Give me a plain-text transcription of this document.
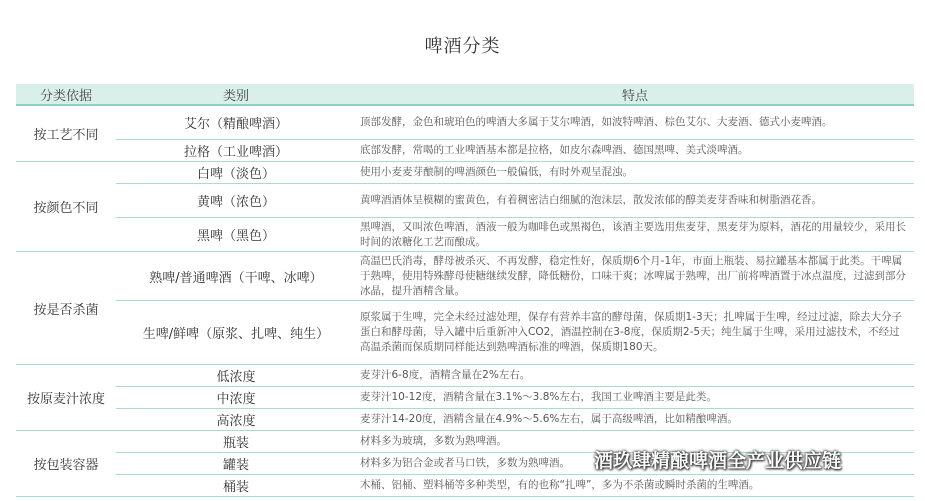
啤酒分类
分类依据	类别	特点
按工艺不同	艾尔（精酿啤酒）	顶部发酵，金色和琥珀色的啤酒大多属于艾尔啤酒，如波特啤酒、棕色艾尔、大麦酒、德式小麦啤酒。
	拉格（工业啤酒）	底部发酵，常喝的工业啤酒基本都是拉格，如皮尔森啤酒、德国黑啤、美式淡啤酒。
按颜色不同	白啤（淡色）	使用小麦麦芽酿制的啤酒颜色一般偏低，有时外观呈混浊。
	黄啤（浓色）	黄啤酒酒体呈模糊的蜜黄色，有着稠密洁白细腻的泡沫层，散发浓郁的醇美麦芽香味和树脂酒花香。
	黑啤（黑色）	黑啤酒，又叫浓色啤酒，酒液一般为咖啡色或黑褐色，该酒主要选用焦麦芽，黑麦芽为原料，酒花的用量较少，采用长时间的浓糖化工艺而酿成。
按是否杀菌	熟啤/普通啤酒（干啤、冰啤）	高温巴氏消毒，酵母被杀灭、不再发酵，稳定性好，保质期6个月-1年，市面上瓶装、易拉罐基本都属于此类。干啤属于熟啤，使用特殊酵母使糖继续发酵，降低糖份，口味干爽；冰啤属于熟啤，出厂前将啤酒置于冰点温度，过滤到部分冰晶，提升酒精含量。
	生啤/鲜啤（原浆、扎啤、纯生）	原浆属于生啤，完全未经过滤处理，保存有营养丰富的酵母菌，保质期1-3天；扎啤属于生啤，经过过滤，除去大分子蛋白和酵母菌，导入罐中后重新冲入CO2，酒温控制在3-8度，保质期2-5天；纯生属于生啤，采用过滤技术，不经过高温杀菌而保质期同样能达到熟啤酒标准的啤酒，保质期180天。
按原麦汁浓度	低浓度	麦芽汁6-8度，酒精含量在2%左右。
	中浓度	麦芽汁10-12度，酒精含量在3.1%～3.8%左右，我国工业啤酒主要是此类。
	高浓度	麦芽汁14-20度，酒精含量在4.9%～5.6%左右，属于高级啤酒，比如精酿啤酒。
按包装容器	瓶装	材料多为玻璃，多数为熟啤酒。
	罐装	材料多为铝合金或者马口铁，多数为熟啤酒。
	桶装	木桶、铝桶、塑料桶等多种类型，有的也称“扎啤”，多为不杀菌或瞬时杀菌的生啤酒。
酒玖肆精酿啤酒全产业供应链
